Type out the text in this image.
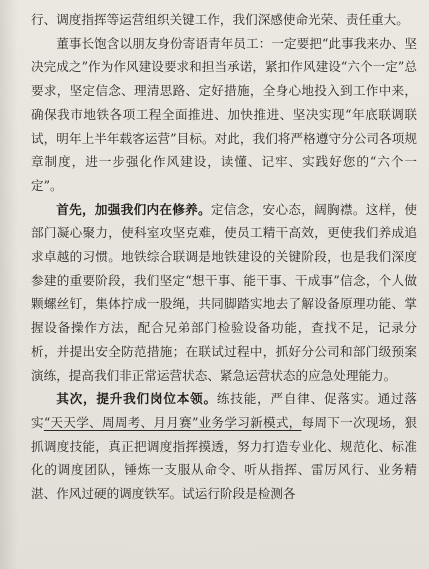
行、调度指挥等运营组织关键工作，我们深感使命光荣、责任重大。

董事长饱含以朋友身份寄语青年员工：一定要把“此事我来办、坚决完成之”作为作风建设要求和担当承诺，紧扣作风建设“六个一定”总要求，坚定信念、理清思路、定好措施，全身心地投入到工作中来，确保我市地铁各项工程全面推进、加快推进、坚决实现“年底联调联试，明年上半年载客运营”目标。对此，我们将严格遵守分公司各项规章制度，进一步强化作风建设，读懂、记牢、实践好您的“六个一定”。

首先，加强我们内在修养。定信念，安心态，阔胸襟。这样，使部门凝心聚力，使科室攻坚克难，使员工精干高效，更使我们养成追求卓越的习惯。地铁综合联调是地铁建设的关键阶段，也是我们深度参建的重要阶段，我们坚定“想干事、能干事、干成事”信念，个人做颗螺丝钉，集体拧成一股绳，共同脚踏实地去了解设备原理功能、掌握设备操作方法，配合兄弟部门检验设备功能，查找不足，记录分析，并提出安全防范措施；在联试过程中，抓好分公司和部门级预案演练，提高我们非正常运营状态、紧急运营状态的应急处理能力。

其次，提升我们岗位本领。练技能，严自律、促落实。通过落实“天天学、周周考、月月赛”业务学习新模式，每周下一次现场，狠抓调度技能，真正把调度指挥摸透，努力打造专业化、规范化、标准化的调度团队，锤炼一支服从命令、听从指挥、雷厉风行、业务精湛、作风过硬的调度铁军。试运行阶段是检测各
